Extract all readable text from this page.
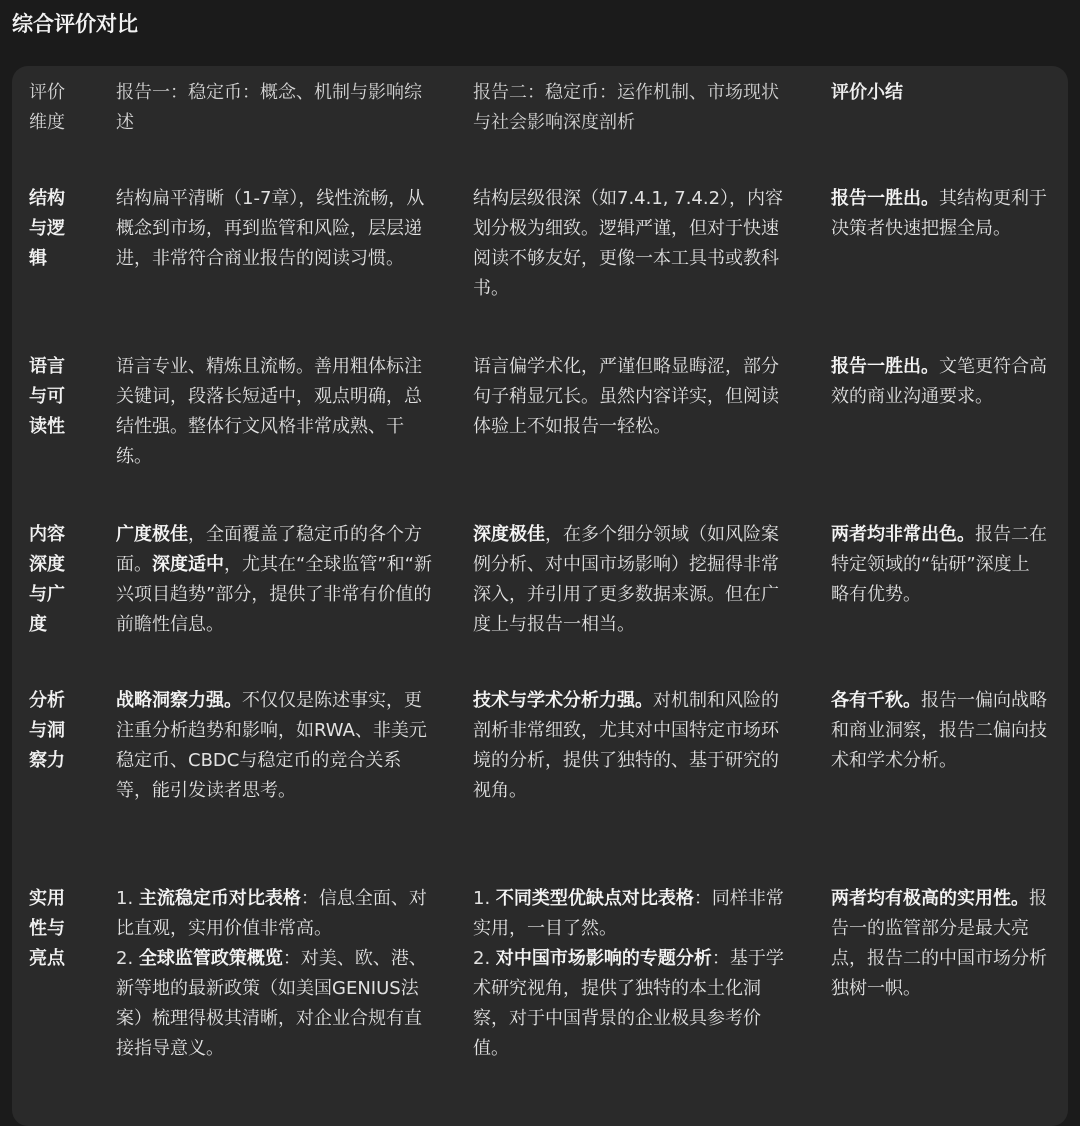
综合评价对比
评价维度
报告一：稳定币：概念、机制与影响综述
报告二：稳定币：运作机制、市场现状与社会影响深度剖析
评价小结
结构与逻辑
结构扁平清晰（1-7章），线性流畅，从概念到市场，再到监管和风险，层层递进，非常符合商业报告的阅读习惯。
结构层级很深（如7.4.1, 7.4.2），内容划分极为细致。逻辑严谨，但对于快速阅读不够友好，更像一本工具书或教科书。
报告一胜出。其结构更利于决策者快速把握全局。
语言与可读性
语言专业、精炼且流畅。善用粗体标注关键词，段落长短适中，观点明确，总结性强。整体行文风格非常成熟、干练。
语言偏学术化，严谨但略显晦涩，部分句子稍显冗长。虽然内容详实，但阅读体验上不如报告一轻松。
报告一胜出。文笔更符合高效的商业沟通要求。
内容深度与广度
广度极佳，全面覆盖了稳定币的各个方面。深度适中，尤其在“全球监管”和“新兴项目趋势”部分，提供了非常有价值的前瞻性信息。
深度极佳，在多个细分领域（如风险案例分析、对中国市场影响）挖掘得非常深入，并引用了更多数据来源。但在广度上与报告一相当。
两者均非常出色。报告二在特定领域的“钻研”深度上略有优势。
分析与洞察力
战略洞察力强。不仅仅是陈述事实，更注重分析趋势和影响，如RWA、非美元稳定币、CBDC与稳定币的竞合关系等，能引发读者思考。
技术与学术分析力强。对机制和风险的剖析非常细致，尤其对中国特定市场环境的分析，提供了独特的、基于研究的视角。
各有千秋。报告一偏向战略和商业洞察，报告二偏向技术和学术分析。
实用性与亮点
1. 主流稳定币对比表格：信息全面、对比直观，实用价值非常高。
2. 全球监管政策概览：对美、欧、港、新等地的最新政策（如美国GENIUS法案）梳理得极其清晰，对企业合规有直接指导意义。
1. 不同类型优缺点对比表格：同样非常实用，一目了然。
2. 对中国市场影响的专题分析：基于学术研究视角，提供了独特的本土化洞察，对于中国背景的企业极具参考价值。
两者均有极高的实用性。报告一的监管部分是最大亮点，报告二的中国市场分析独树一帜。
